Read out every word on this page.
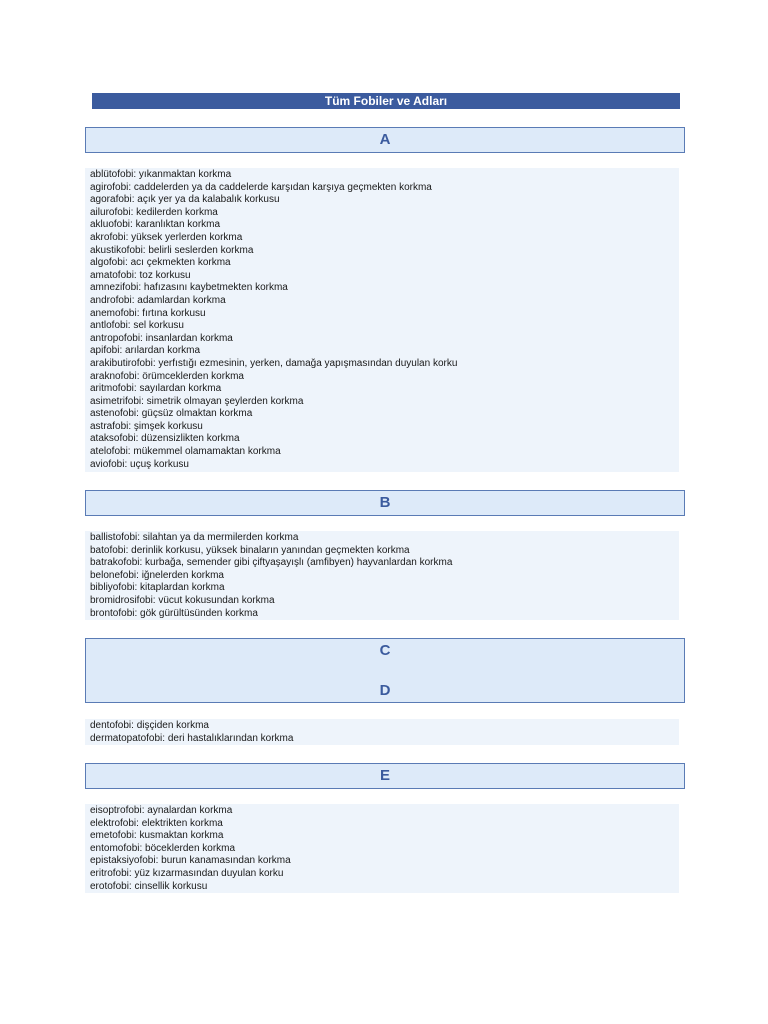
Tüm Fobiler ve Adları
A
ablütofobi: yıkanmaktan korkma
agirofobi: caddelerden ya da caddelerde karşıdan karşıya geçmekten korkma
agorafobi: açık yer ya da kalabalık korkusu
ailurofobi: kedilerden korkma
akluofobi: karanlıktan korkma
akrofobi: yüksek yerlerden korkma
akustikofobi: belirli seslerden korkma
algofobi: acı çekmekten korkma
amatofobi: toz korkusu
amnezifobi: hafızasını kaybetmekten korkma
androfobi: adamlardan korkma
anemofobi: fırtına korkusu
antlofobi: sel korkusu
antropofobi: insanlardan korkma
apifobi: arılardan korkma
arakibutirofobi: yerfıstığı ezmesinin, yerken, damağa yapışmasından duyulan korku
araknofobi: örümceklerden korkma
aritmofobi: sayılardan korkma
asimetrifobi: simetrik olmayan şeylerden korkma
astenofobi: güçsüz olmaktan korkma
astrafobi: şimşek korkusu
ataksofobi: düzensizlikten korkma
atelofobi: mükemmel olamamaktan korkma
aviofobi: uçuş korkusu
B
ballistofobi: silahtan ya da mermilerden korkma
batofobi: derinlik korkusu, yüksek binaların yanından geçmekten korkma
batrakofobi: kurbağa, semender gibi çiftyaşayışlı (amfibyen) hayvanlardan korkma
belonefobi: iğnelerden korkma
bibliyofobi: kitaplardan korkma
bromidrosifobi: vücut kokusundan korkma
brontofobi: gök gürültüsünden korkma
C
D
dentofobi: dişçiden korkma
dermatopatofobi: deri hastalıklarından korkma
E
eisoptrofobi: aynalardan korkma
elektrofobi: elektrikten korkma
emetofobi: kusmaktan korkma
entomofobi: böceklerden korkma
epistaksiyofobi: burun kanamasından korkma
eritrofobi: yüz kızarmasından duyulan korku
erotofobi: cinsellik korkusu
